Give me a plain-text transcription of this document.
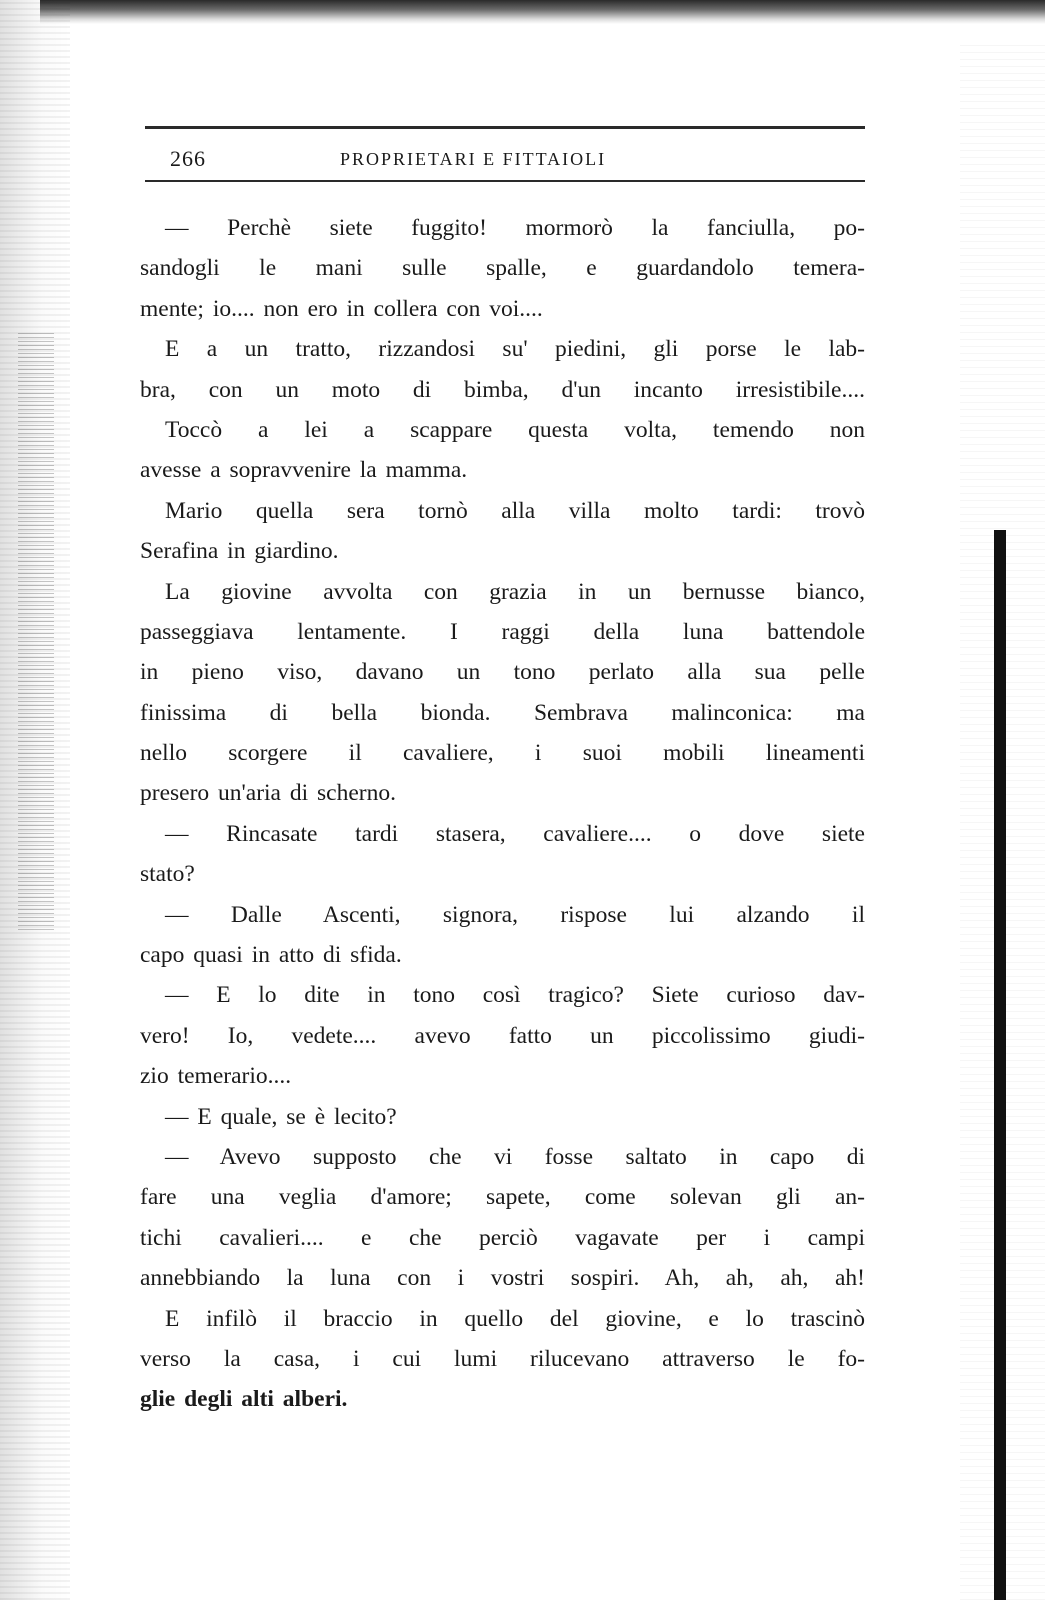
266	PROPRIETARI E FITTAIOLI
— Perchè siete fuggito! mormorò la fanciulla, po-
sandogli le mani sulle spalle, e guardandolo temera-
mente; io.... non ero in collera con voi....
E a un tratto, rizzandosi su' piedini, gli porse le lab-
bra, con un moto di bimba, d'un incanto irresistibile....
Toccò a lei a scappare questa volta, temendo non
avesse a sopravvenire la mamma.
Mario quella sera tornò alla villa molto tardi: trovò
Serafina in giardino.
La giovine avvolta con grazia in un bernusse bianco,
passeggiava lentamente. I raggi della luna battendole
in pieno viso, davano un tono perlato alla sua pelle
finissima di bella bionda. Sembrava malinconica: ma
nello scorgere il cavaliere, i suoi mobili lineamenti
presero un'aria di scherno.
— Rincasate tardi stasera, cavaliere.... o dove siete
stato?
— Dalle Ascenti, signora, rispose lui alzando il
capo quasi in atto di sfida.
— E lo dite in tono così tragico? Siete curioso dav-
vero! Io, vedete.... avevo fatto un piccolissimo giudi-
zio temerario....
— E quale, se è lecito?
— Avevo supposto che vi fosse saltato in capo di
fare una veglia d'amore; sapete, come solevan gli an-
tichi cavalieri.... e che perciò vagavate per i campi
annebbiando la luna con i vostri sospiri. Ah, ah, ah, ah!
E infilò il braccio in quello del giovine, e lo trascinò
verso la casa, i cui lumi rilucevano attraverso le fo-
glie degli alti alberi.
